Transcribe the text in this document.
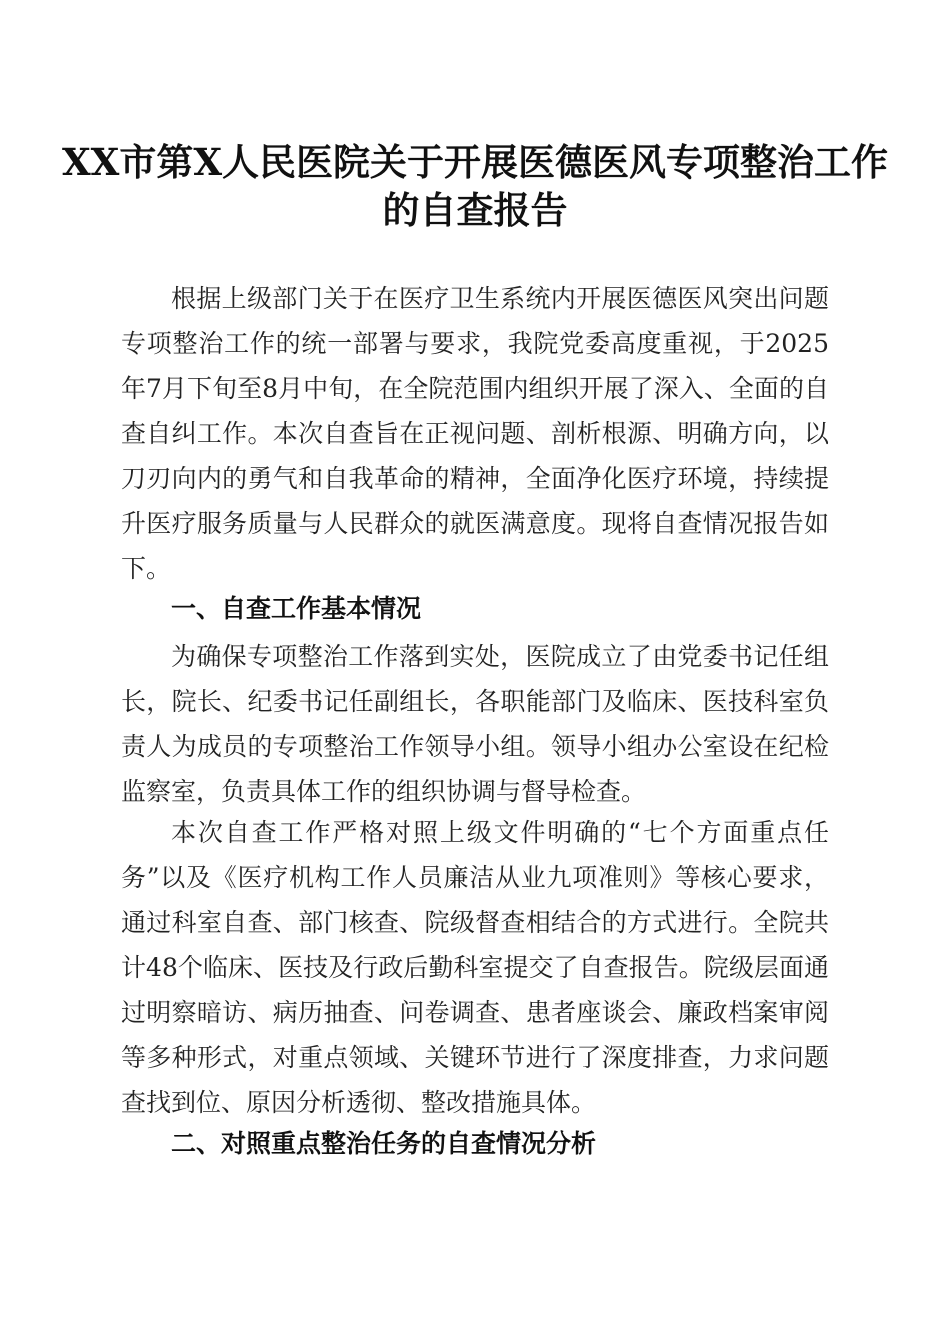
XX市第X人民医院关于开展医德医风专项整治工作的自查报告

根据上级部门关于在医疗卫生系统内开展医德医风突出问题专项整治工作的统一部署与要求，我院党委高度重视，于2025年7月下旬至8月中旬，在全院范围内组织开展了深入、全面的自查自纠工作。本次自查旨在正视问题、剖析根源、明确方向，以刀刃向内的勇气和自我革命的精神，全面净化医疗环境，持续提升医疗服务质量与人民群众的就医满意度。现将自查情况报告如下。

一、自查工作基本情况

为确保专项整治工作落到实处，医院成立了由党委书记任组长，院长、纪委书记任副组长，各职能部门及临床、医技科室负责人为成员的专项整治工作领导小组。领导小组办公室设在纪检监察室，负责具体工作的组织协调与督导检查。

本次自查工作严格对照上级文件明确的“七个方面重点任务”以及《医疗机构工作人员廉洁从业九项准则》等核心要求，通过科室自查、部门核查、院级督查相结合的方式进行。全院共计48个临床、医技及行政后勤科室提交了自查报告。院级层面通过明察暗访、病历抽查、问卷调查、患者座谈会、廉政档案审阅等多种形式，对重点领域、关键环节进行了深度排查，力求问题查找到位、原因分析透彻、整改措施具体。

二、对照重点整治任务的自查情况分析
